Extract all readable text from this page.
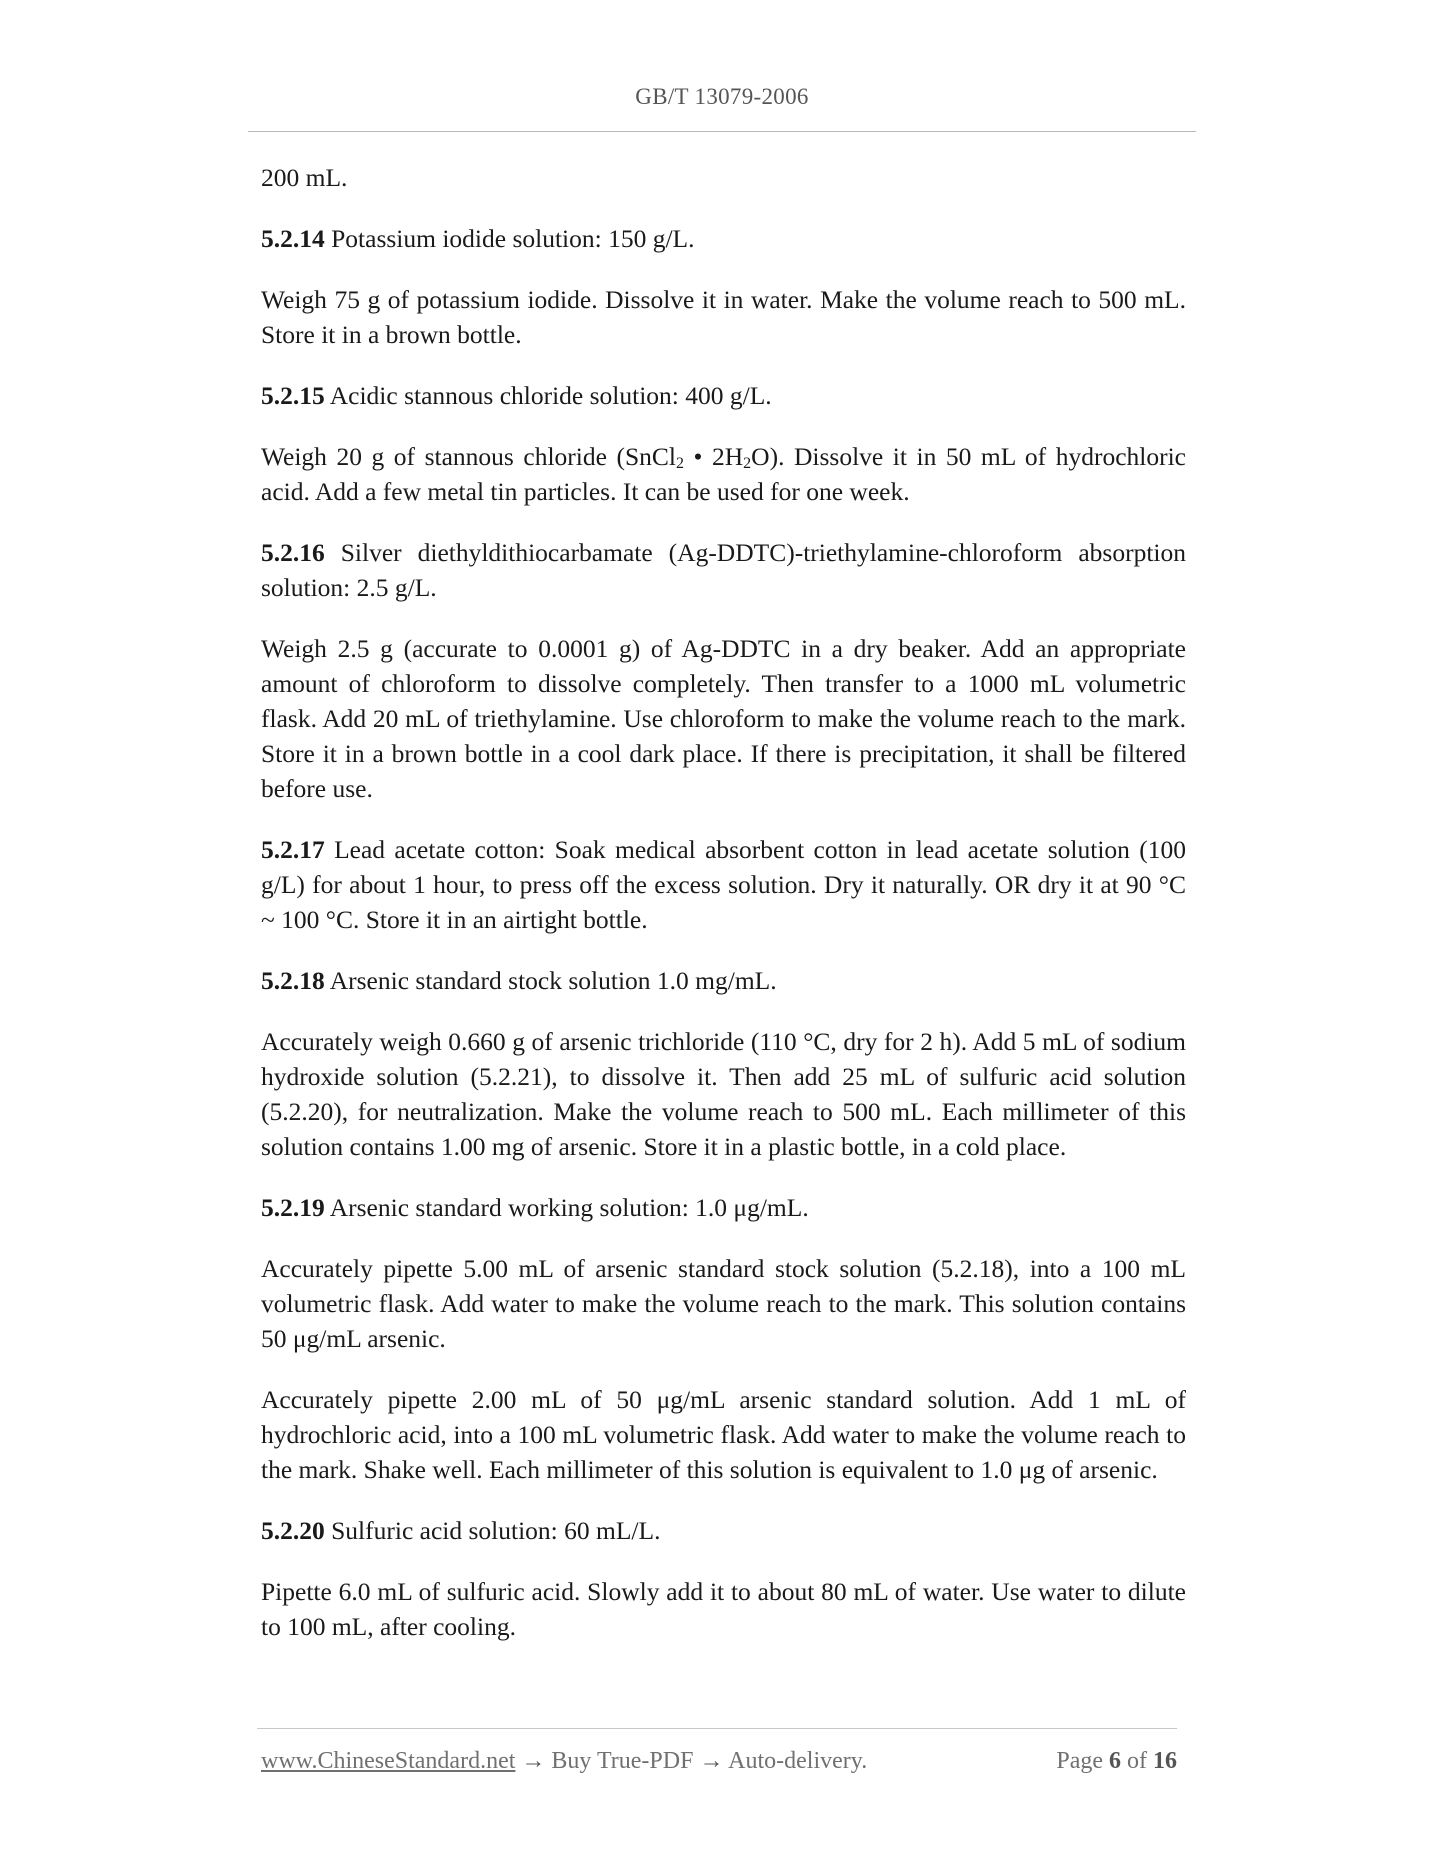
GB/T 13079-2006

200 mL.

5.2.14 Potassium iodide solution: 150 g/L.

Weigh 75 g of potassium iodide. Dissolve it in water. Make the volume reach to 500 mL. Store it in a brown bottle.

5.2.15 Acidic stannous chloride solution: 400 g/L.

Weigh 20 g of stannous chloride (SnCl$_2$ • $2H_2O$). Dissolve it in 50 mL of hydrochloric acid. Add a few metal tin particles. It can be used for one week.

5.2.16 Silver diethyldithiocarbamate (Ag-DDTC)-triethylamine-chloroform absorption solution: 2.5 g/L.

Weigh 2.5 g (accurate to 0.0001 g) of Ag-DDTC in a dry beaker. Add an appropriate amount of chloroform to dissolve completely. Then transfer to a 1000 mL volumetric flask. Add 20 mL of triethylamine. Use chloroform to make the volume reach to the mark. Store it in a brown bottle in a cool dark place. If there is precipitation, it shall be filtered before use.

5.2.17 Lead acetate cotton: Soak medical absorbent cotton in lead acetate solution (100 g/L) for about 1 hour, to press off the excess solution. Dry it naturally. OR dry it at 90 °C ~ 100 °C. Store it in an airtight bottle.

5.2.18 Arsenic standard stock solution 1.0 mg/mL.

Accurately weigh 0.660 g of arsenic trichloride (110 °C, dry for 2 h). Add 5 mL of sodium hydroxide solution (5.2.21), to dissolve it. Then add 25 mL of sulfuric acid solution (5.2.20), for neutralization. Make the volume reach to 500 mL. Each millimeter of this solution contains 1.00 mg of arsenic. Store it in a plastic bottle, in a cold place.

5.2.19 Arsenic standard working solution: 1.0 μg/mL.

Accurately pipette 5.00 mL of arsenic standard stock solution (5.2.18), into a 100 mL volumetric flask. Add water to make the volume reach to the mark. This solution contains 50 μg/mL arsenic.

Accurately pipette 2.00 mL of 50 μg/mL arsenic standard solution. Add 1 mL of hydrochloric acid, into a 100 mL volumetric flask. Add water to make the volume reach to the mark. Shake well. Each millimeter of this solution is equivalent to 1.0 μg of arsenic.

5.2.20 Sulfuric acid solution: 60 mL/L.

Pipette 6.0 mL of sulfuric acid. Slowly add it to about 80 mL of water. Use water to dilute to 100 mL, after cooling.

www.ChineseStandard.net → Buy True-PDF → Auto-delivery.	Page 6 of 16
